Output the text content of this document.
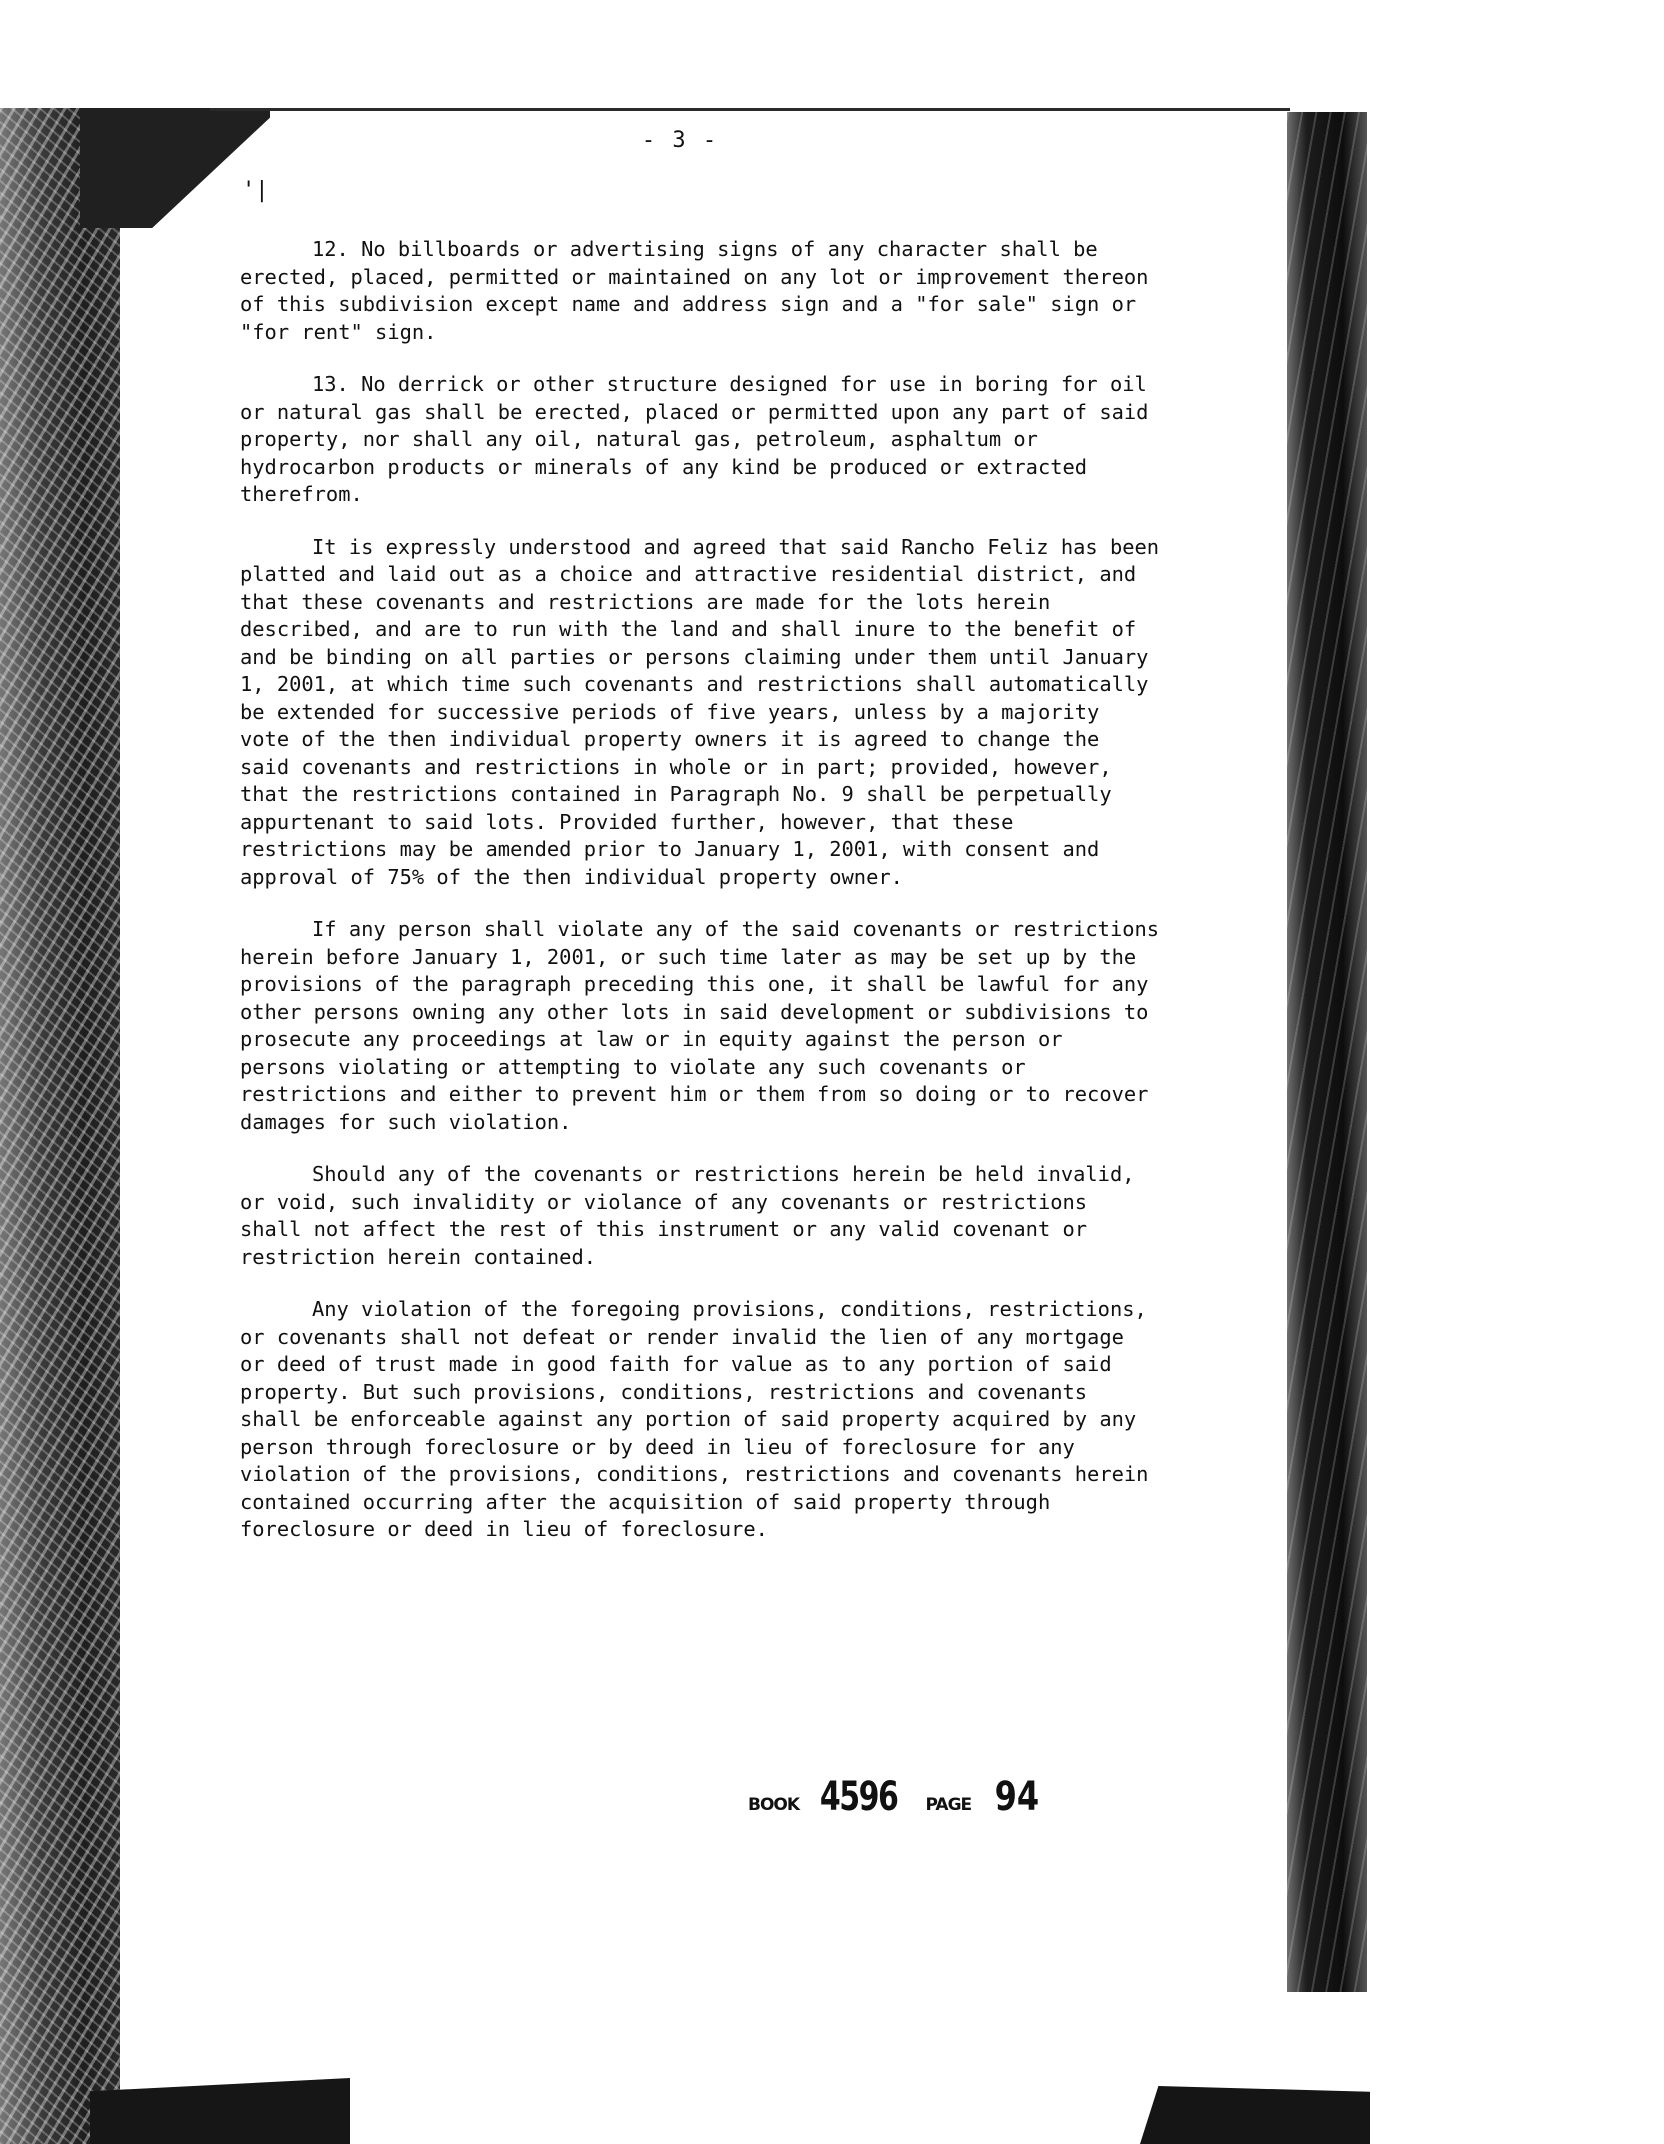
- 3 -
'|

12. No billboards or advertising signs of any character shall be erected, placed, permitted or maintained on any lot or improvement thereon of this subdivision except name and address sign and a "for sale" sign or "for rent" sign.

13. No derrick or other structure designed for use in boring for oil or natural gas shall be erected, placed or permitted upon any part of said property, nor shall any oil, natural gas, petroleum, asphaltum or hydrocarbon products or minerals of any kind be produced or extracted therefrom.

It is expressly understood and agreed that said Rancho Feliz has been platted and laid out as a choice and attractive residential district, and that these covenants and restrictions are made for the lots herein described, and are to run with the land and shall inure to the benefit of and be binding on all parties or persons claiming under them until January 1, 2001, at which time such covenants and restrictions shall automatically be extended for successive periods of five years, unless by a majority vote of the then individual property owners it is agreed to change the said covenants and restrictions in whole or in part; provided, however, that the restrictions contained in Paragraph No. 9 shall be perpetually appurtenant to said lots. Provided further, however, that these restrictions may be amended prior to January 1, 2001, with consent and approval of 75% of the then individual property owner.

If any person shall violate any of the said covenants or restrictions herein before January 1, 2001, or such time later as may be set up by the provisions of the paragraph preceding this one, it shall be lawful for any other persons owning any other lots in said development or subdivisions to prosecute any proceedings at law or in equity against the person or persons violating or attempting to violate any such covenants or restrictions and either to prevent him or them from so doing or to recover damages for such violation.

Should any of the covenants or restrictions herein be held invalid, or void, such invalidity or violance of any covenants or restrictions shall not affect the rest of this instrument or any valid covenant or restriction herein contained.

Any violation of the foregoing provisions, conditions, restrictions, or covenants shall not defeat or render invalid the lien of any mortgage or deed of trust made in good faith for value as to any portion of said property. But such provisions, conditions, restrictions and covenants shall be enforceable against any portion of said property acquired by any person through foreclosure or by deed in lieu of foreclosure for any violation of the provisions, conditions, restrictions and covenants herein contained occurring after the acquisition of said property through foreclosure or deed in lieu of foreclosure.

BOOK 4596 PAGE 94
